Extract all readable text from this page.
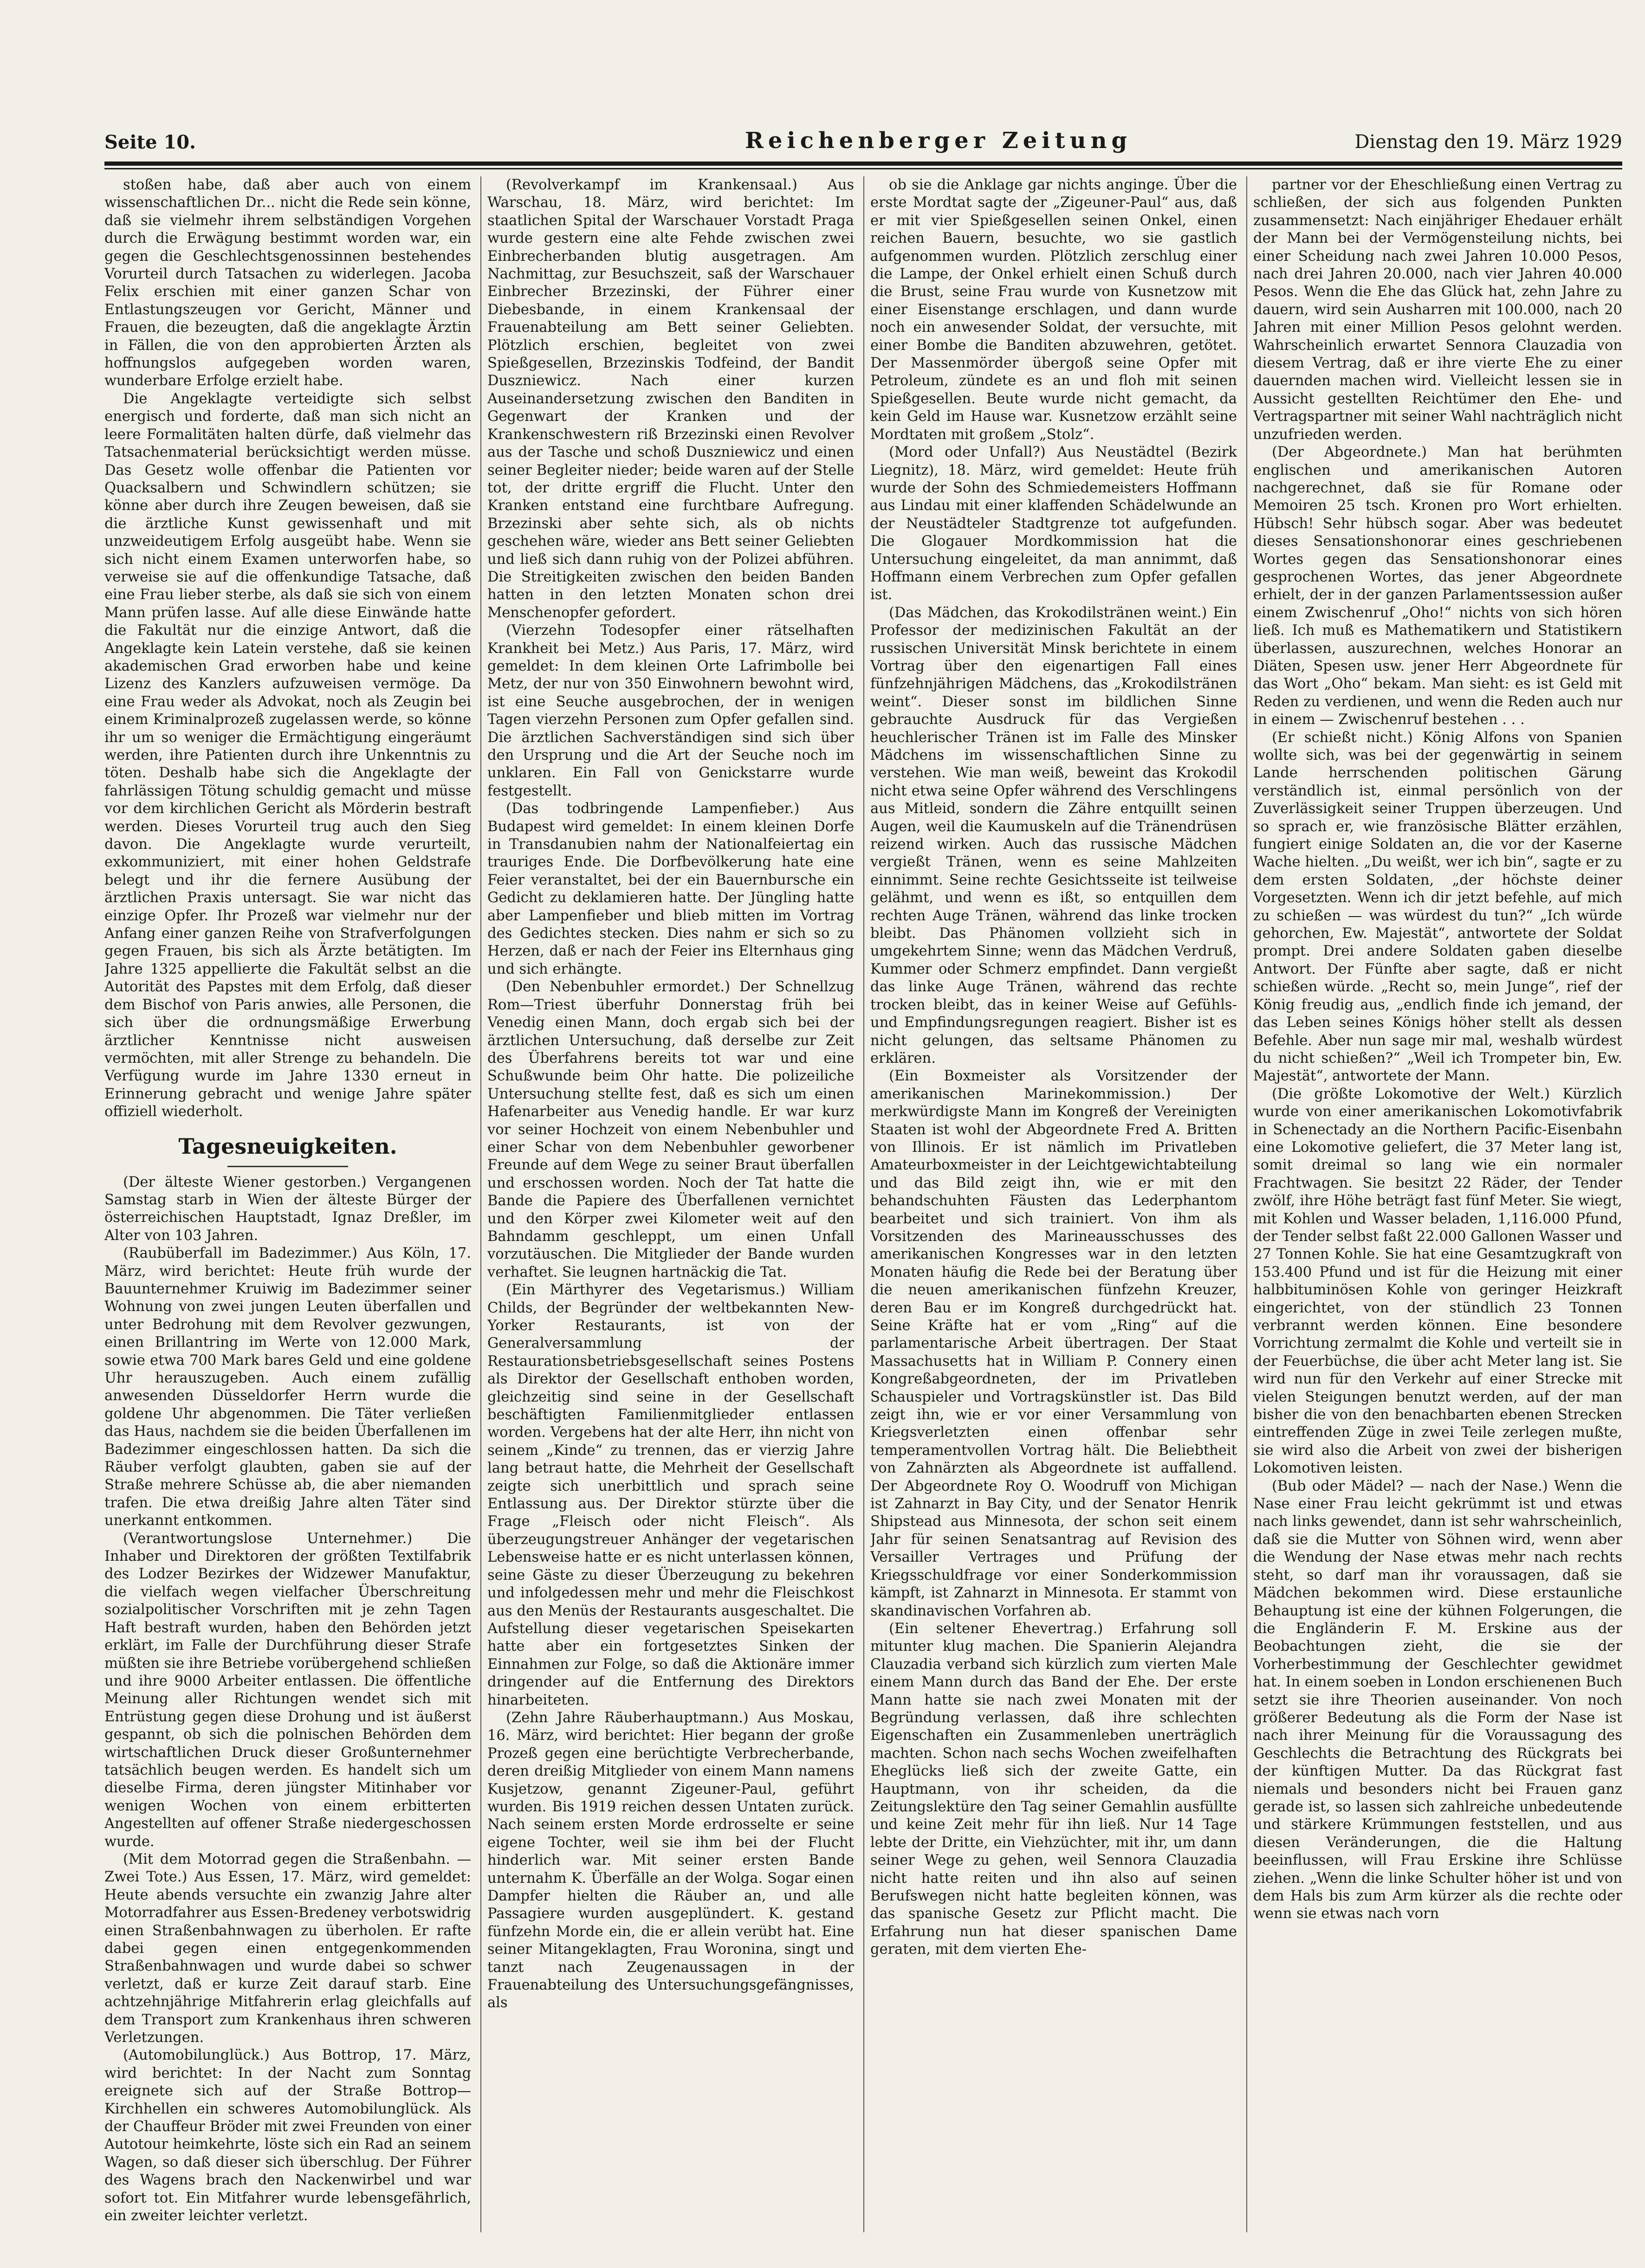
Seite 10.	Reichenberger Zeitung	Dienstag den 19. März 1929

stoßen habe, daß aber auch von einem wissenschaftlichen Dr... nicht die Rede sein könne, daß sie vielmehr ihrem selbständigen Vorgehen durch die Erwägung bestimmt worden war, ein gegen die Geschlechtsgenossinnen bestehendes Vorurteil durch Tatsachen zu widerlegen. Jacoba Felix erschien mit einer ganzen Schar von Entlastungszeugen vor Gericht, Männer und Frauen, die bezeugten, daß die angeklagte Ärztin in Fällen, die von den approbierten Ärzten als hoffnungslos aufgegeben worden waren, wunderbare Erfolge erzielt habe.

Die Angeklagte verteidigte sich selbst energisch und forderte, daß man sich nicht an leere Formalitäten halten dürfe, daß vielmehr das Tatsachenmaterial berücksichtigt werden müsse. Das Gesetz wolle offenbar die Patienten vor Quacksalbern und Schwindlern schützen; sie könne aber durch ihre Zeugen beweisen, daß sie die ärztliche Kunst gewissenhaft und mit unzweideutigem Erfolg ausgeübt habe. Wenn sie sich nicht einem Examen unterworfen habe, so verweise sie auf die offenkundige Tatsache, daß eine Frau lieber sterbe, als daß sie sich von einem Mann prüfen lasse. Auf alle diese Einwände hatte die Fakultät nur die einzige Antwort, daß die Angeklagte kein Latein verstehe, daß sie keinen akademischen Grad erworben habe und keine Lizenz des Kanzlers aufzuweisen vermöge. Da eine Frau weder als Advokat, noch als Zeugin bei einem Kriminalprozeß zugelassen werde, so könne ihr um so weniger die Ermächtigung eingeräumt werden, ihre Patienten durch ihre Unkenntnis zu töten. Deshalb habe sich die Angeklagte der fahrlässigen Tötung schuldig gemacht und müsse vor dem kirchlichen Gericht als Mörderin bestraft werden. Dieses Vorurteil trug auch den Sieg davon. Die Angeklagte wurde verurteilt, exkommuniziert, mit einer hohen Geldstrafe belegt und ihr die fernere Ausübung der ärztlichen Praxis untersagt. Sie war nicht das einzige Opfer. Ihr Prozeß war vielmehr nur der Anfang einer ganzen Reihe von Strafverfolgungen gegen Frauen, bis sich als Ärzte betätigten. Im Jahre 1325 appellierte die Fakultät selbst an die Autorität des Papstes mit dem Erfolg, daß dieser dem Bischof von Paris anwies, alle Personen, die sich über die ordnungsmäßige Erwerbung ärztlicher Kenntnisse nicht ausweisen vermöchten, mit aller Strenge zu behandeln. Die Verfügung wurde im Jahre 1330 erneut in Erinnerung gebracht und wenige Jahre später offiziell wiederholt.

Tagesneuigkeiten.

(Der älteste Wiener gestorben.) Vergangenen Samstag starb in Wien der älteste Bürger der österreichischen Hauptstadt, Ignaz Dreßler, im Alter von 103 Jahren.

(Raubüberfall im Badezimmer.) Aus Köln, 17. März, wird berichtet: Heute früh wurde der Bauunternehmer Kruiwig im Badezimmer seiner Wohnung von zwei jungen Leuten überfallen und unter Bedrohung mit dem Revolver gezwungen, einen Brillantring im Werte von 12.000 Mark, sowie etwa 700 Mark bares Geld und eine goldene Uhr herauszugeben. Auch einem zufällig anwesenden Düsseldorfer Herrn wurde die goldene Uhr abgenommen. Die Täter verließen das Haus, nachdem sie die beiden Überfallenen im Badezimmer eingeschlossen hatten. Da sich die Räuber verfolgt glaubten, gaben sie auf der Straße mehrere Schüsse ab, die aber niemanden trafen. Die etwa dreißig Jahre alten Täter sind unerkannt entkommen.

(Verantwortungslose Unternehmer.) Die Inhaber und Direktoren der größten Textilfabrik des Lodzer Bezirkes der Widzewer Manufaktur, die vielfach wegen vielfacher Überschreitung sozialpolitischer Vorschriften mit je zehn Tagen Haft bestraft wurden, haben den Behörden jetzt erklärt, im Falle der Durchführung dieser Strafe müßten sie ihre Betriebe vorübergehend schließen und ihre 9000 Arbeiter entlassen. Die öffentliche Meinung aller Richtungen wendet sich mit Entrüstung gegen diese Drohung und ist äußerst gespannt, ob sich die polnischen Behörden dem wirtschaftlichen Druck dieser Großunternehmer tatsächlich beugen werden. Es handelt sich um dieselbe Firma, deren jüngster Mitinhaber vor wenigen Wochen von einem erbitterten Angestellten auf offener Straße niedergeschossen wurde.

(Mit dem Motorrad gegen die Straßenbahn. — Zwei Tote.) Aus Essen, 17. März, wird gemeldet: Heute abends versuchte ein zwanzig Jahre alter Motorradfahrer aus Essen-Bredeney verbotswidrig einen Straßenbahnwagen zu überholen. Er rafte dabei gegen einen entgegenkommenden Straßenbahnwagen und wurde dabei so schwer verletzt, daß er kurze Zeit darauf starb. Eine achtzehnjährige Mitfahrerin erlag gleichfalls auf dem Transport zum Krankenhaus ihren schweren Verletzungen.

(Automobilunglück.) Aus Bottrop, 17. März, wird berichtet: In der Nacht zum Sonntag ereignete sich auf der Straße Bottrop—Kirchhellen ein schweres Automobilunglück. Als der Chauffeur Bröder mit zwei Freunden von einer Autotour heimkehrte, löste sich ein Rad an seinem Wagen, so daß dieser sich überschlug. Der Führer des Wagens brach den Nackenwirbel und war sofort tot. Ein Mitfahrer wurde lebensgefährlich, ein zweiter leichter verletzt.

(Revolverkampf im Krankensaal.) Aus Warschau, 18. März, wird berichtet: Im staatlichen Spital der Warschauer Vorstadt Praga wurde gestern eine alte Fehde zwischen zwei Einbrecherbanden blutig ausgetragen. Am Nachmittag, zur Besuchszeit, saß der Warschauer Einbrecher Brzezinski, der Führer einer Diebesbande, in einem Krankensaal der Frauenabteilung am Bett seiner Geliebten. Plötzlich erschien, begleitet von zwei Spießgesellen, Brzezinskis Todfeind, der Bandit Duszniewicz. Nach einer kurzen Auseinandersetzung zwischen den Banditen in Gegenwart der Kranken und der Krankenschwestern riß Brzezinski einen Revolver aus der Tasche und schoß Duszniewicz und einen seiner Begleiter nieder; beide waren auf der Stelle tot, der dritte ergriff die Flucht. Unter den Kranken entstand eine furchtbare Aufregung. Brzezinski aber sehte sich, als ob nichts geschehen wäre, wieder ans Bett seiner Geliebten und ließ sich dann ruhig von der Polizei abführen. Die Streitigkeiten zwischen den beiden Banden hatten in den letzten Monaten schon drei Menschenopfer gefordert.

(Vierzehn Todesopfer einer rätselhaften Krankheit bei Metz.) Aus Paris, 17. März, wird gemeldet: In dem kleinen Orte Lafrimbolle bei Metz, der nur von 350 Einwohnern bewohnt wird, ist eine Seuche ausgebrochen, der in wenigen Tagen vierzehn Personen zum Opfer gefallen sind. Die ärztlichen Sachverständigen sind sich über den Ursprung und die Art der Seuche noch im unklaren. Ein Fall von Genickstarre wurde festgestellt.

(Das todbringende Lampenfieber.) Aus Budapest wird gemeldet: In einem kleinen Dorfe in Transdanubien nahm der Nationalfeiertag ein trauriges Ende. Die Dorfbevölkerung hate eine Feier veranstaltet, bei der ein Bauernbursche ein Gedicht zu deklamieren hatte. Der Jüngling hatte aber Lampenfieber und blieb mitten im Vortrag des Gedichtes stecken. Dies nahm er sich so zu Herzen, daß er nach der Feier ins Elternhaus ging und sich erhängte.

(Den Nebenbuhler ermordet.) Der Schnellzug Rom—Triest überfuhr Donnerstag früh bei Venedig einen Mann, doch ergab sich bei der ärztlichen Untersuchung, daß derselbe zur Zeit des Überfahrens bereits tot war und eine Schußwunde beim Ohr hatte. Die polizeiliche Untersuchung stellte fest, daß es sich um einen Hafenarbeiter aus Venedig handle. Er war kurz vor seiner Hochzeit von einem Nebenbuhler und einer Schar von dem Nebenbuhler geworbener Freunde auf dem Wege zu seiner Braut überfallen und erschossen worden. Noch der Tat hatte die Bande die Papiere des Überfallenen vernichtet und den Körper zwei Kilometer weit auf den Bahndamm geschleppt, um einen Unfall vorzutäuschen. Die Mitglieder der Bande wurden verhaftet. Sie leugnen hartnäckig die Tat.

(Ein Märthyrer des Vegetarismus.) William Childs, der Begründer der weltbekannten New-Yorker Restaurants, ist von der Generalversammlung der Restaurationsbetriebsgesellschaft seines Postens als Direktor der Gesellschaft enthoben worden, gleichzeitig sind seine in der Gesellschaft beschäftigten Familienmitglieder entlassen worden. Vergebens hat der alte Herr, ihn nicht von seinem „Kinde“ zu trennen, das er vierzig Jahre lang betraut hatte, die Mehrheit der Gesellschaft zeigte sich unerbittlich und sprach seine Entlassung aus. Der Direktor stürzte über die Frage „Fleisch oder nicht Fleisch“. Als überzeugungstreuer Anhänger der vegetarischen Lebensweise hatte er es nicht unterlassen können, seine Gäste zu dieser Überzeugung zu bekehren und infolgedessen mehr und mehr die Fleischkost aus den Menüs der Restaurants ausgeschaltet. Die Aufstellung dieser vegetarischen Speisekarten hatte aber ein fortgesetztes Sinken der Einnahmen zur Folge, so daß die Aktionäre immer dringender auf die Entfernung des Direktors hinarbeiteten.

(Zehn Jahre Räuberhauptmann.) Aus Moskau, 16. März, wird berichtet: Hier begann der große Prozeß gegen eine berüchtigte Verbrecherbande, deren dreißig Mitglieder von einem Mann namens Kusjetzow, genannt Zigeuner-Paul, geführt wurden. Bis 1919 reichen dessen Untaten zurück. Nach seinem ersten Morde erdrosselte er seine eigene Tochter, weil sie ihm bei der Flucht hinderlich war. Mit seiner ersten Bande unternahm K. Überfälle an der Wolga. Sogar einen Dampfer hielten die Räuber an, und alle Passagiere wurden ausgeplündert. K. gestand fünfzehn Morde ein, die er allein verübt hat. Eine seiner Mitangeklagten, Frau Woronina, singt und tanzt nach Zeugenaussagen in der Frauenabteilung des Untersuchungsgefängnisses, als

ob sie die Anklage gar nichts anginge. Über die erste Mordtat sagte der „Zigeuner-Paul“ aus, daß er mit vier Spießgesellen seinen Onkel, einen reichen Bauern, besuchte, wo sie gastlich aufgenommen wurden. Plötzlich zerschlug einer die Lampe, der Onkel erhielt einen Schuß durch die Brust, seine Frau wurde von Kusnetzow mit einer Eisenstange erschlagen, und dann wurde noch ein anwesender Soldat, der versuchte, mit einer Bombe die Banditen abzuwehren, getötet. Der Massenmörder übergoß seine Opfer mit Petroleum, zündete es an und floh mit seinen Spießgesellen. Beute wurde nicht gemacht, da kein Geld im Hause war. Kusnetzow erzählt seine Mordtaten mit großem „Stolz“.

(Mord oder Unfall?) Aus Neustädtel (Bezirk Liegnitz), 18. März, wird gemeldet: Heute früh wurde der Sohn des Schmiedemeisters Hoffmann aus Lindau mit einer klaffenden Schädelwunde an der Neustädteler Stadtgrenze tot aufgefunden. Die Glogauer Mordkommission hat die Untersuchung eingeleitet, da man annimmt, daß Hoffmann einem Verbrechen zum Opfer gefallen ist.

(Das Mädchen, das Krokodilstränen weint.) Ein Professor der medizinischen Fakultät an der russischen Universität Minsk berichtete in einem Vortrag über den eigenartigen Fall eines fünfzehnjährigen Mädchens, das „Krokodilstränen weint“. Dieser sonst im bildlichen Sinne gebrauchte Ausdruck für das Vergießen heuchlerischer Tränen ist im Falle des Minsker Mädchens im wissenschaftlichen Sinne zu verstehen. Wie man weiß, beweint das Krokodil nicht etwa seine Opfer während des Verschlingens aus Mitleid, sondern die Zähre entquillt seinen Augen, weil die Kaumuskeln auf die Tränendrüsen reizend wirken. Auch das russische Mädchen vergießt Tränen, wenn es seine Mahlzeiten einnimmt. Seine rechte Gesichtsseite ist teilweise gelähmt, und wenn es ißt, so entquillen dem rechten Auge Tränen, während das linke trocken bleibt. Das Phänomen vollzieht sich in umgekehrtem Sinne; wenn das Mädchen Verdruß, Kummer oder Schmerz empfindet. Dann vergießt das linke Auge Tränen, während das rechte trocken bleibt, das in keiner Weise auf Gefühls- und Empfindungsregungen reagiert. Bisher ist es nicht gelungen, das seltsame Phänomen zu erklären.

(Ein Boxmeister als Vorsitzender der amerikanischen Marinekommission.) Der merkwürdigste Mann im Kongreß der Vereinigten Staaten ist wohl der Abgeordnete Fred A. Britten von Illinois. Er ist nämlich im Privatleben Amateurboxmeister in der Leichtgewichtabteilung und das Bild zeigt ihn, wie er mit den behandschuhten Fäusten das Lederphantom bearbeitet und sich trainiert. Von ihm als Vorsitzenden des Marineausschusses des amerikanischen Kongresses war in den letzten Monaten häufig die Rede bei der Beratung über die neuen amerikanischen fünfzehn Kreuzer, deren Bau er im Kongreß durchgedrückt hat. Seine Kräfte hat er vom „Ring“ auf die parlamentarische Arbeit übertragen. Der Staat Massachusetts hat in William P. Connery einen Kongreßabgeordneten, der im Privatleben Schauspieler und Vortragskünstler ist. Das Bild zeigt ihn, wie er vor einer Versammlung von Kriegsverletzten einen offenbar sehr temperamentvollen Vortrag hält. Die Beliebtheit von Zahnärzten als Abgeordnete ist auffallend. Der Abgeordnete Roy O. Woodruff von Michigan ist Zahnarzt in Bay City, und der Senator Henrik Shipstead aus Minnesota, der schon seit einem Jahr für seinen Senatsantrag auf Revision des Versailler Vertrages und Prüfung der Kriegsschuldfrage vor einer Sonderkommission kämpft, ist Zahnarzt in Minnesota. Er stammt von skandinavischen Vorfahren ab.

(Ein seltener Ehevertrag.) Erfahrung soll mitunter klug machen. Die Spanierin Alejandra Clauzadia verband sich kürzlich zum vierten Male einem Mann durch das Band der Ehe. Der erste Mann hatte sie nach zwei Monaten mit der Begründung verlassen, daß ihre schlechten Eigenschaften ein Zusammenleben unerträglich machten. Schon nach sechs Wochen zweifelhaften Eheglücks ließ sich der zweite Gatte, ein Hauptmann, von ihr scheiden, da die Zeitungslektüre den Tag seiner Gemahlin ausfüllte und keine Zeit mehr für ihn ließ. Nur 14 Tage lebte der Dritte, ein Viehzüchter, mit ihr, um dann seiner Wege zu gehen, weil Sennora Clauzadia nicht hatte reiten und ihn also auf seinen Berufswegen nicht hatte begleiten können, was das spanische Gesetz zur Pflicht macht. Die Erfahrung nun hat dieser spanischen Dame geraten, mit dem vierten Ehe-

partner vor der Eheschließung einen Vertrag zu schließen, der sich aus folgenden Punkten zusammensetzt: Nach einjähriger Ehedauer erhält der Mann bei der Vermögensteilung nichts, bei einer Scheidung nach zwei Jahren 10.000 Pesos, nach drei Jahren 20.000, nach vier Jahren 40.000 Pesos. Wenn die Ehe das Glück hat, zehn Jahre zu dauern, wird sein Ausharren mit 100.000, nach 20 Jahren mit einer Million Pesos gelohnt werden. Wahrscheinlich erwartet Sennora Clauzadia von diesem Vertrag, daß er ihre vierte Ehe zu einer dauernden machen wird. Vielleicht lessen sie in Aussicht gestellten Reichtümer den Ehe- und Vertragspartner mit seiner Wahl nachträglich nicht unzufrieden werden.

(Der Abgeordnete.) Man hat berühmten englischen und amerikanischen Autoren nachgerechnet, daß sie für Romane oder Memoiren 25 tsch. Kronen pro Wort erhielten. Hübsch! Sehr hübsch sogar. Aber was bedeutet dieses Sensationshonorar eines geschriebenen Wortes gegen das Sensationshonorar eines gesprochenen Wortes, das jener Abgeordnete erhielt, der in der ganzen Parlamentssession außer einem Zwischenruf „Oho!“ nichts von sich hören ließ. Ich muß es Mathematikern und Statistikern überlassen, auszurechnen, welches Honorar an Diäten, Spesen usw. jener Herr Abgeordnete für das Wort „Oho“ bekam. Man sieht: es ist Geld mit Reden zu verdienen, und wenn die Reden auch nur in einem — Zwischenruf bestehen . . .

(Er schießt nicht.) König Alfons von Spanien wollte sich, was bei der gegenwärtig in seinem Lande herrschenden politischen Gärung verständlich ist, einmal persönlich von der Zuverlässigkeit seiner Truppen überzeugen. Und so sprach er, wie französische Blätter erzählen, fungiert einige Soldaten an, die vor der Kaserne Wache hielten. „Du weißt, wer ich bin“, sagte er zu dem ersten Soldaten, „der höchste deiner Vorgesetzten. Wenn ich dir jetzt befehle, auf mich zu schießen — was würdest du tun?“ „Ich würde gehorchen, Ew. Majestät“, antwortete der Soldat prompt. Drei andere Soldaten gaben dieselbe Antwort. Der Fünfte aber sagte, daß er nicht schießen würde. „Recht so, mein Junge“, rief der König freudig aus, „endlich finde ich jemand, der das Leben seines Königs höher stellt als dessen Befehle. Aber nun sage mir mal, weshalb würdest du nicht schießen?“ „Weil ich Trompeter bin, Ew. Majestät“, antwortete der Mann.

(Die größte Lokomotive der Welt.) Kürzlich wurde von einer amerikanischen Lokomotivfabrik in Schenectady an die Northern Pacific-Eisenbahn eine Lokomotive geliefert, die 37 Meter lang ist, somit dreimal so lang wie ein normaler Frachtwagen. Sie besitzt 22 Räder, der Tender zwölf, ihre Höhe beträgt fast fünf Meter. Sie wiegt, mit Kohlen und Wasser beladen, 1,116.000 Pfund, der Tender selbst faßt 22.000 Gallonen Wasser und 27 Tonnen Kohle. Sie hat eine Gesamtzugkraft von 153.400 Pfund und ist für die Heizung mit einer halbbituminösen Kohle von geringer Heizkraft eingerichtet, von der stündlich 23 Tonnen verbrannt werden können. Eine besondere Vorrichtung zermalmt die Kohle und verteilt sie in der Feuerbüchse, die über acht Meter lang ist. Sie wird nun für den Verkehr auf einer Strecke mit vielen Steigungen benutzt werden, auf der man bisher die von den benachbarten ebenen Strecken eintreffenden Züge in zwei Teile zerlegen mußte, sie wird also die Arbeit von zwei der bisherigen Lokomotiven leisten.

(Bub oder Mädel? — nach der Nase.) Wenn die Nase einer Frau leicht gekrümmt ist und etwas nach links gewendet, dann ist sehr wahrscheinlich, daß sie die Mutter von Söhnen wird, wenn aber die Wendung der Nase etwas mehr nach rechts steht, so darf man ihr voraussagen, daß sie Mädchen bekommen wird. Diese erstaunliche Behauptung ist eine der kühnen Folgerungen, die die Engländerin F. M. Erskine aus der Beobachtungen zieht, die sie der Vorherbestimmung der Geschlechter gewidmet hat. In einem soeben in London erschienenen Buch setzt sie ihre Theorien auseinander. Von noch größerer Bedeutung als die Form der Nase ist nach ihrer Meinung für die Voraussagung des Geschlechts die Betrachtung des Rückgrats bei der künftigen Mutter. Da das Rückgrat fast niemals und besonders nicht bei Frauen ganz gerade ist, so lassen sich zahlreiche unbedeutende und stärkere Krümmungen feststellen, und aus diesen Veränderungen, die die Haltung beeinflussen, will Frau Erskine ihre Schlüsse ziehen. „Wenn die linke Schulter höher ist und von dem Hals bis zum Arm kürzer als die rechte oder wenn sie etwas nach vorn
